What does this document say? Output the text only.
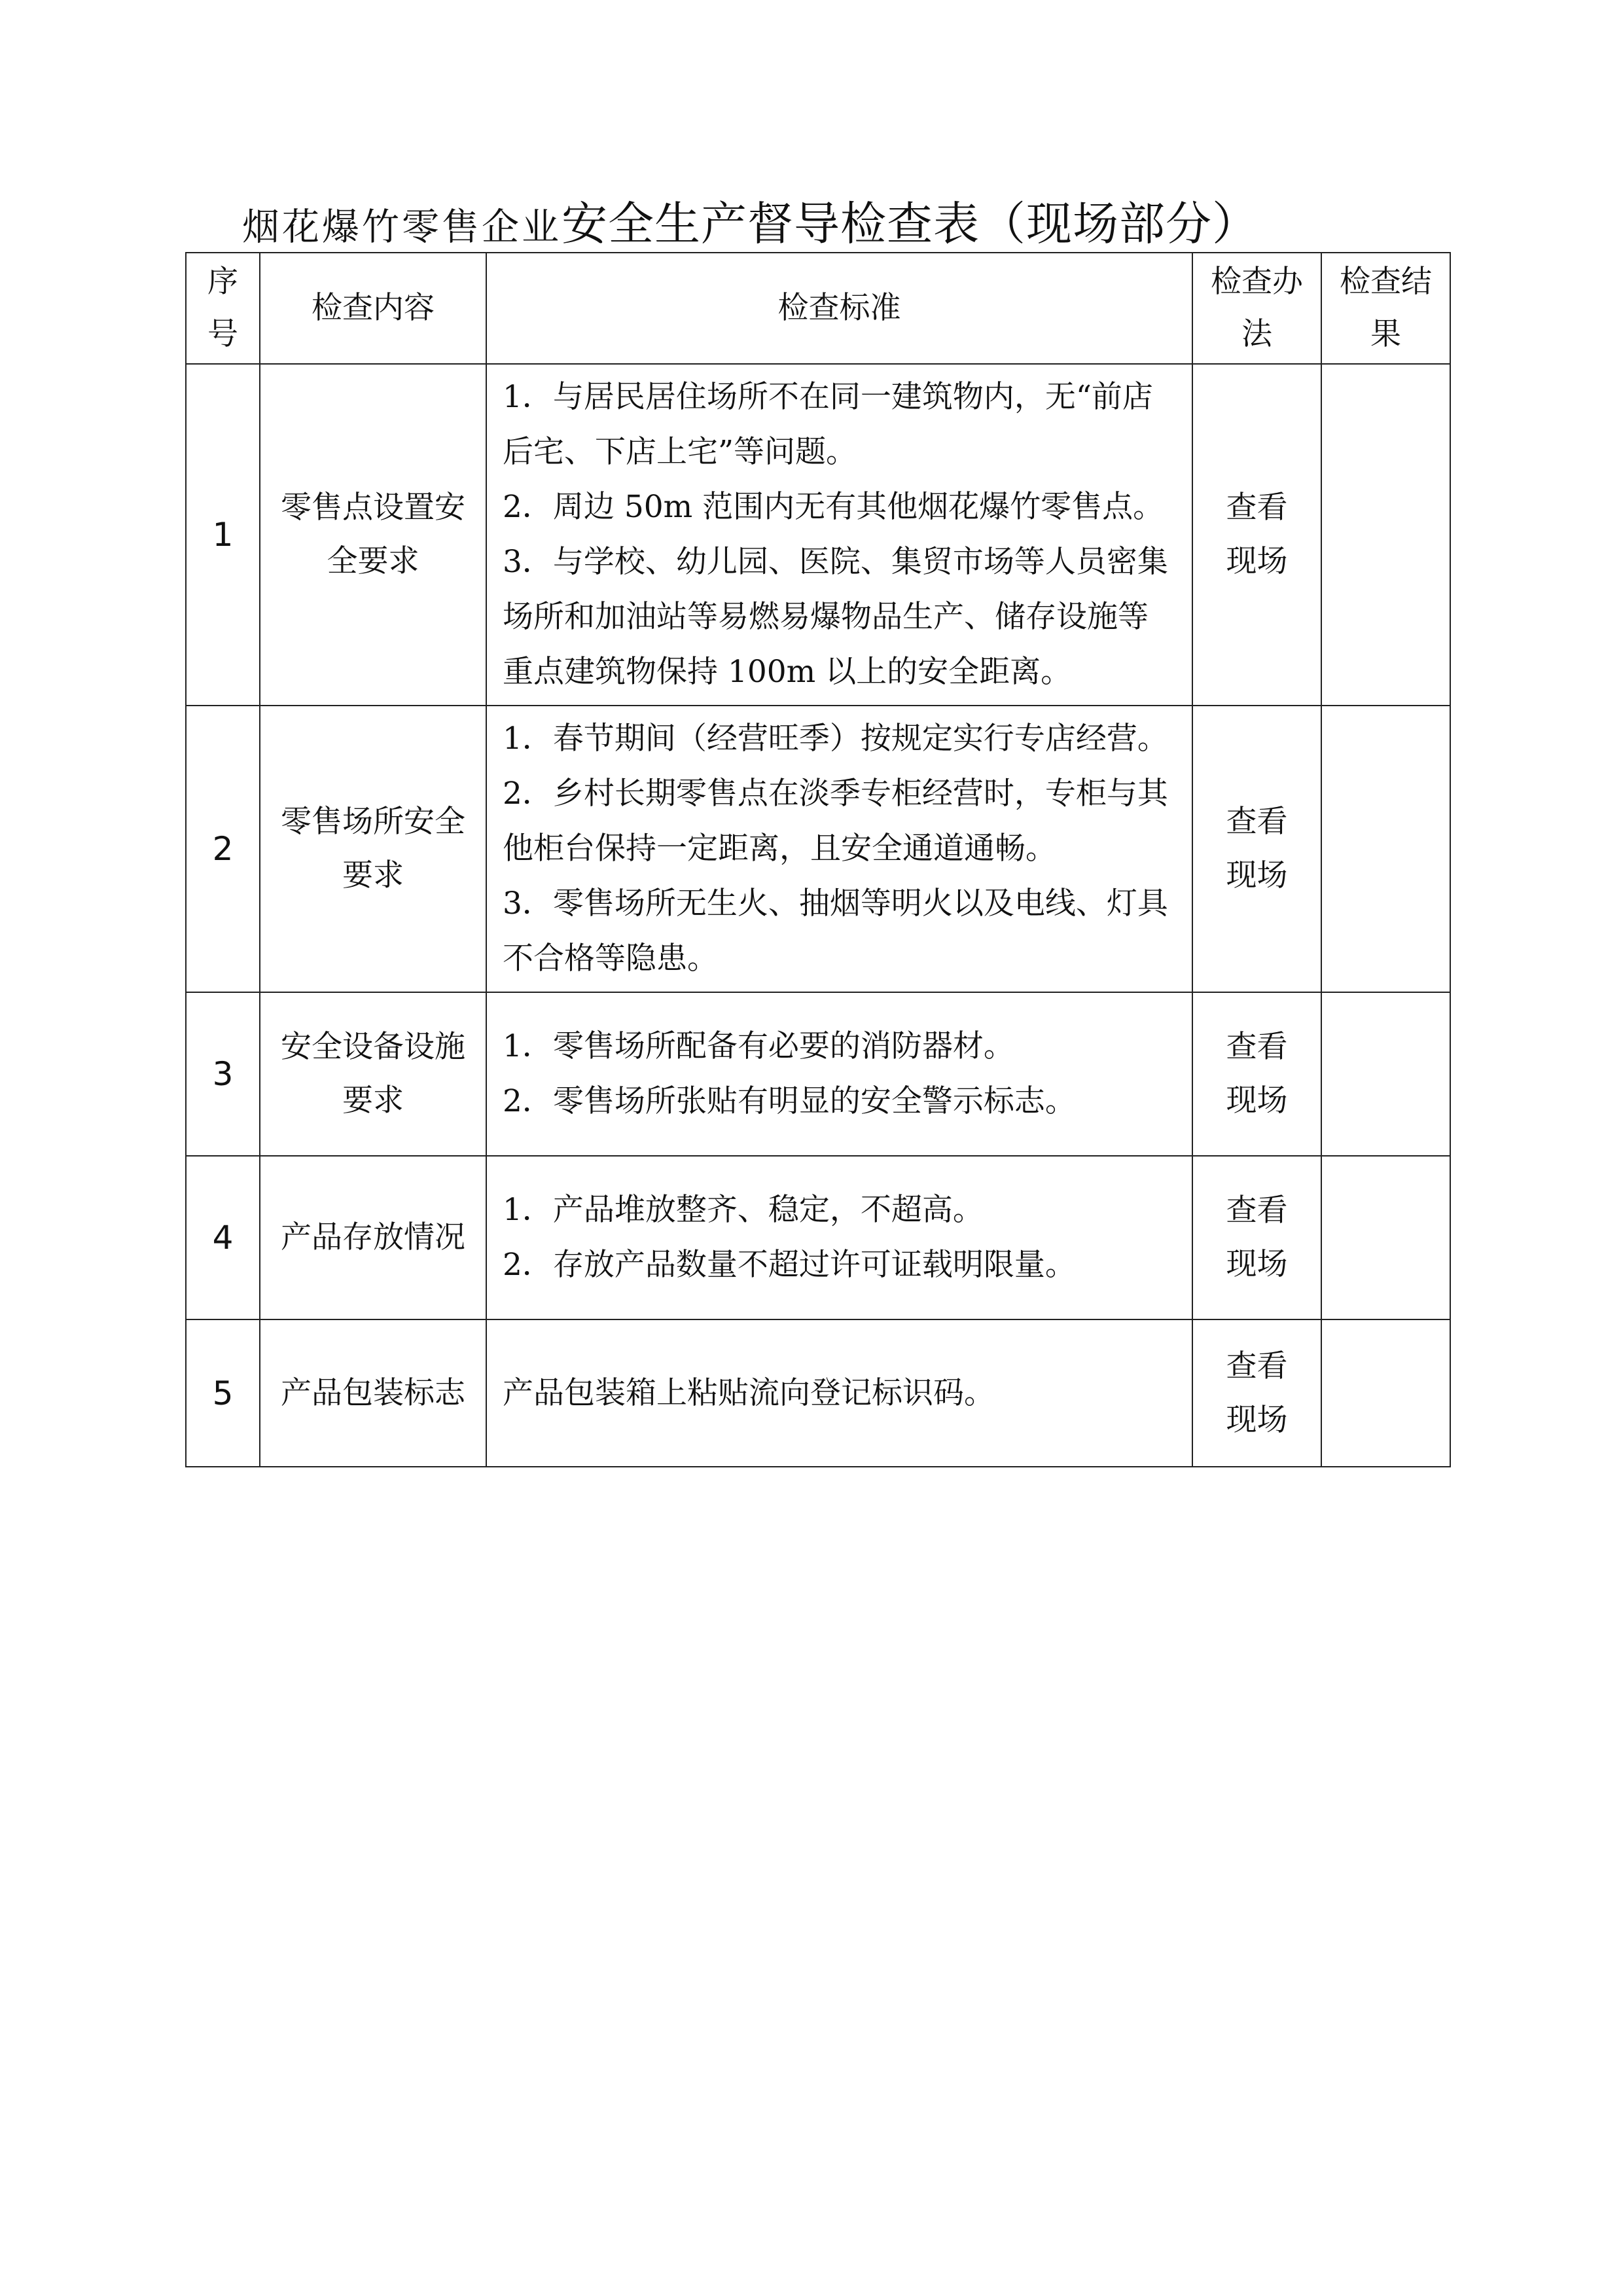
烟花爆竹零售企业安全生产督导检查表（现场部分）
序号	检查内容	检查标准	检查办法	检查结果
1	零售点设置安全要求	1．与居民居住场所不在同一建筑物内，无“前店后宅、下店上宅”等问题。

2．周边 50m 范围内无有其他烟花爆竹零售点。

3．与学校、幼儿园、医院、集贸市场等人员密集场所和加油站等易燃易爆物品生产、储存设施等重点建筑物保持 100m 以上的安全距离。	查看现场	
2	零售场所安全要求	1．春节期间（经营旺季）按规定实行专店经营。

2．乡村长期零售点在淡季专柜经营时，专柜与其他柜台保持一定距离，且安全通道通畅。

3．零售场所无生火、抽烟等明火以及电线、灯具不合格等隐患。	查看现场	
3	安全设备设施要求	1．零售场所配备有必要的消防器材。

2．零售场所张贴有明显的安全警示标志。	查看现场	
4	产品存放情况	1．产品堆放整齐、稳定，不超高。

2．存放产品数量不超过许可证载明限量。	查看现场	
5	产品包装标志	产品包装箱上粘贴流向登记标识码。	查看现场	
